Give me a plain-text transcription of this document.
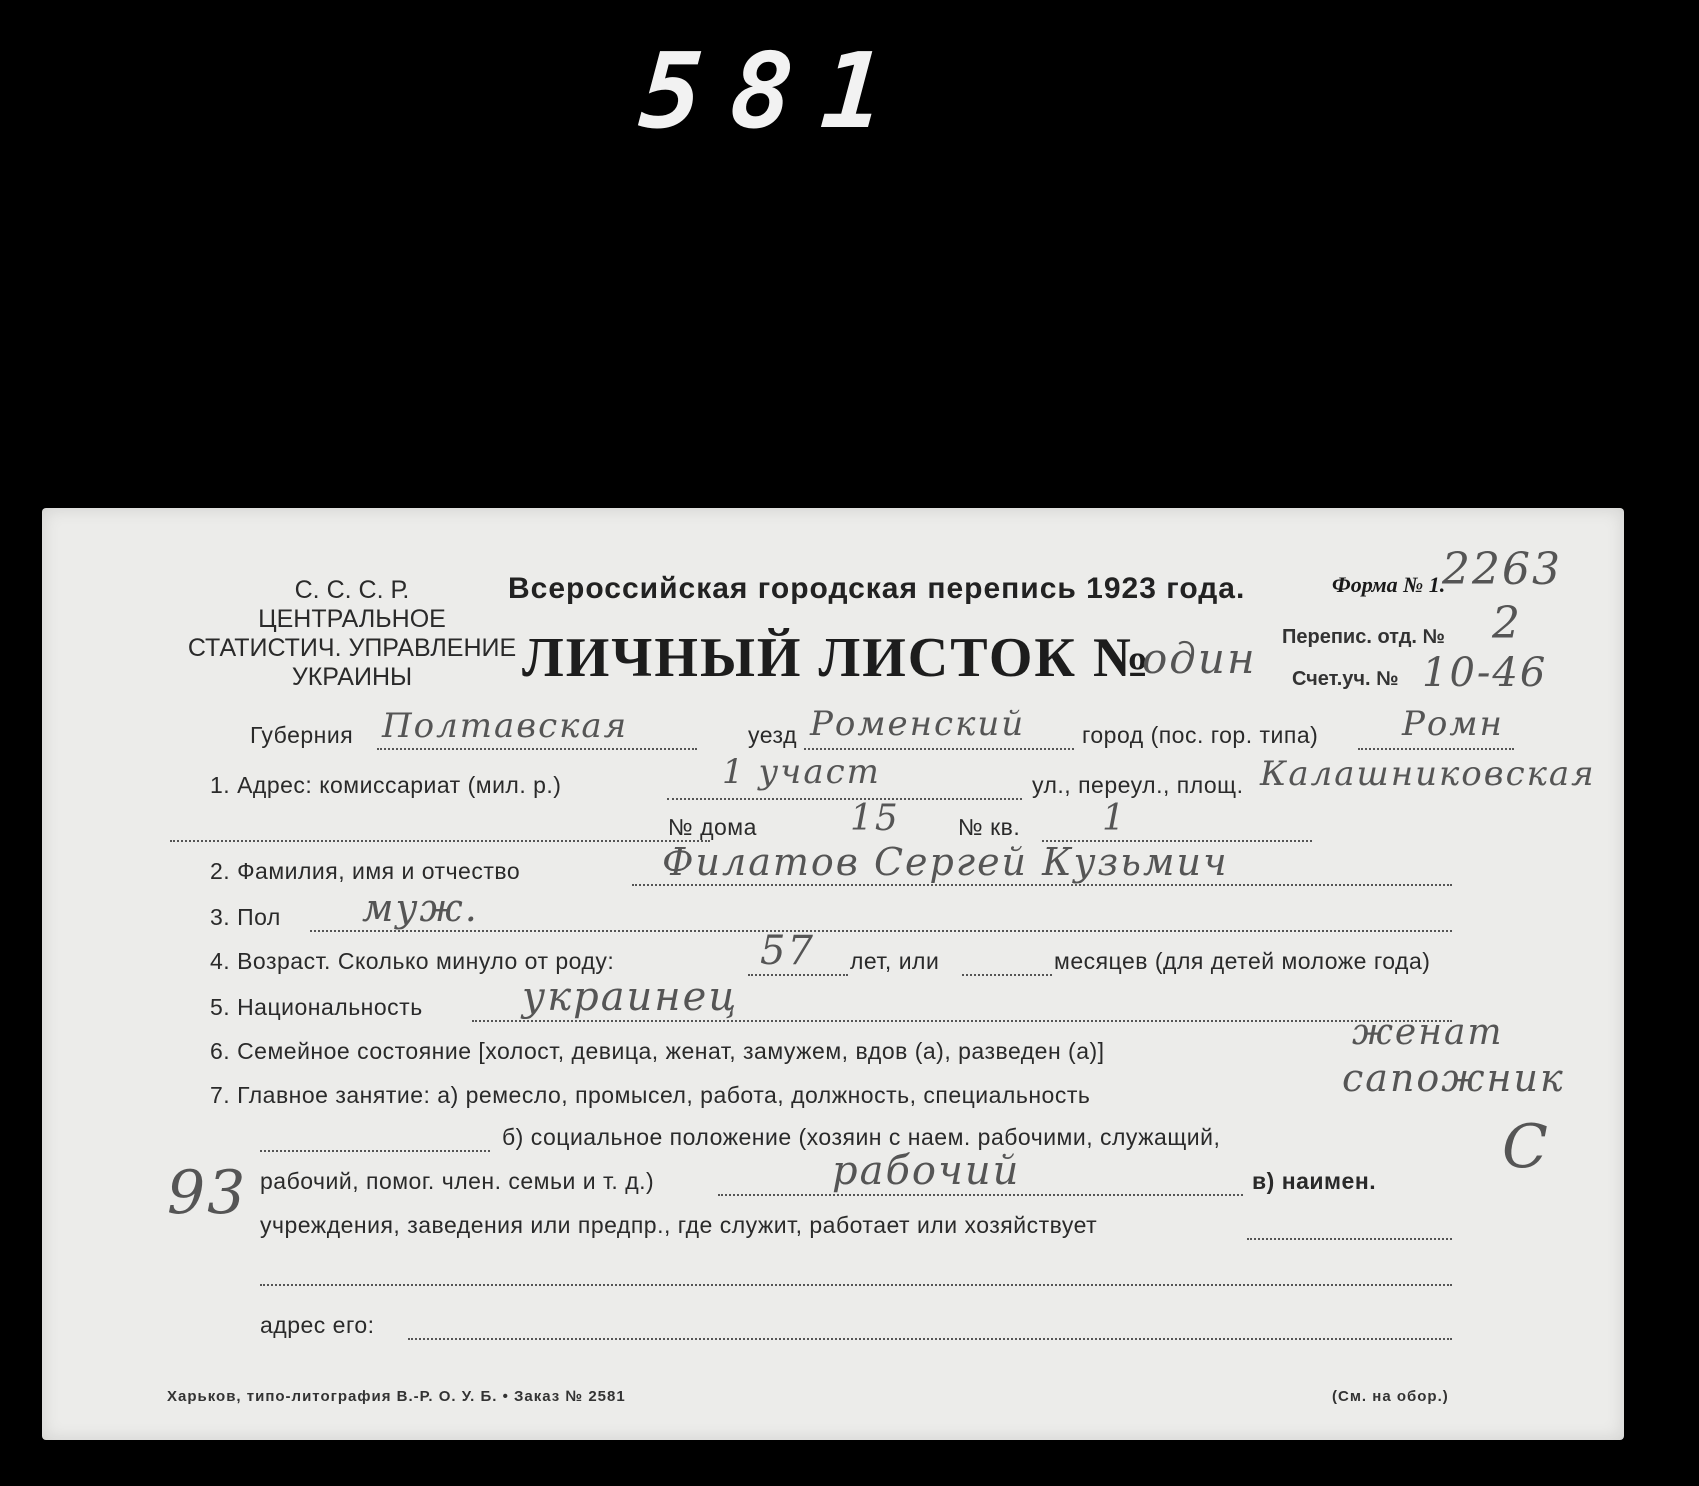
581
С. С. С. Р.
ЦЕНТРАЛЬНОЕ
СТАТИСТИЧ. УПРАВЛЕНИЕ
УКРАИНЫ
Всероссийская городская перепись 1923 года.	Форма № 1.
2263
ЛИЧНЫЙ ЛИСТОК №
один Перепис. отд. № 2
Счет.уч. № 10-46
Губерния Полтавская	уезд Роменский город (пос. гор. типа) Ромн
1. Адрес: комиссариат (мил. р.)	1 участ	ул., переул., площ. Калашниковская
№ дома	15	№ кв. 1
2. Фамилия, имя и отчество	Филатов Сергей Кузьмич
3. Пол муж.
4. Возраст. Сколько минуло от роду:	57 лет, или	месяцев (для детей моложе года)
5. Национальность украинец
6. Семейное состояние [холост, девица, женат, замужем, вдов (а), разведен (а)]	женат
7. Главное занятие: а) ремесло, промысел, работа, должность, специальность	сапожник
б) социальное положение (хозяин с наем. рабочими, служащий,	С
93 рабочий, помог. член. семьи и т. д.)	рабочий	в) наимен.
учреждения, заведения или предпр., где служит, работает или хозяйствует
адрес его:
Харьков, типо-литография В.-Р. О. У. Б. • Заказ № 2581	(См. на обор.)
